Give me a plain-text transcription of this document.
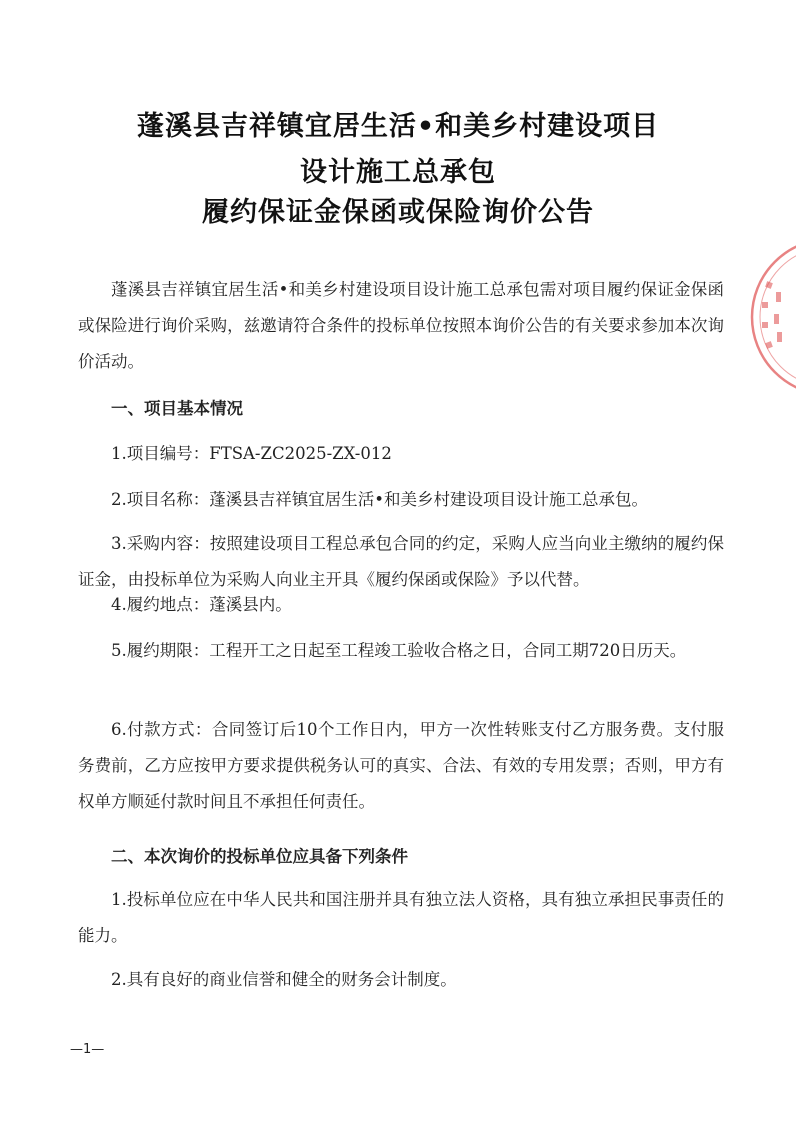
蓬溪县吉祥镇宜居生活•和美乡村建设项目
设计施工总承包
履约保证金保函或保险询价公告

蓬溪县吉祥镇宜居生活•和美乡村建设项目设计施工总承包需对项目履约保证金保函或保险进行询价采购，兹邀请符合条件的投标单位按照本询价公告的有关要求参加本次询价活动。

一、项目基本情况

1.项目编号：FTSA-ZC2025-ZX-012

2.项目名称：蓬溪县吉祥镇宜居生活•和美乡村建设项目设计施工总承包。

3.采购内容：按照建设项目工程总承包合同的约定，采购人应当向业主缴纳的履约保证金，由投标单位为采购人向业主开具《履约保函或保险》予以代替。

4.履约地点：蓬溪县内。

5.履约期限：工程开工之日起至工程竣工验收合格之日，合同工期720日历天。

6.付款方式：合同签订后10个工作日内，甲方一次性转账支付乙方服务费。支付服务费前，乙方应按甲方要求提供税务认可的真实、合法、有效的专用发票；否则，甲方有权单方顺延付款时间且不承担任何责任。

二、本次询价的投标单位应具备下列条件

1.投标单位应在中华人民共和国注册并具有独立法人资格，具有独立承担民事责任的能力。

2.具有良好的商业信誉和健全的财务会计制度。

—1—
